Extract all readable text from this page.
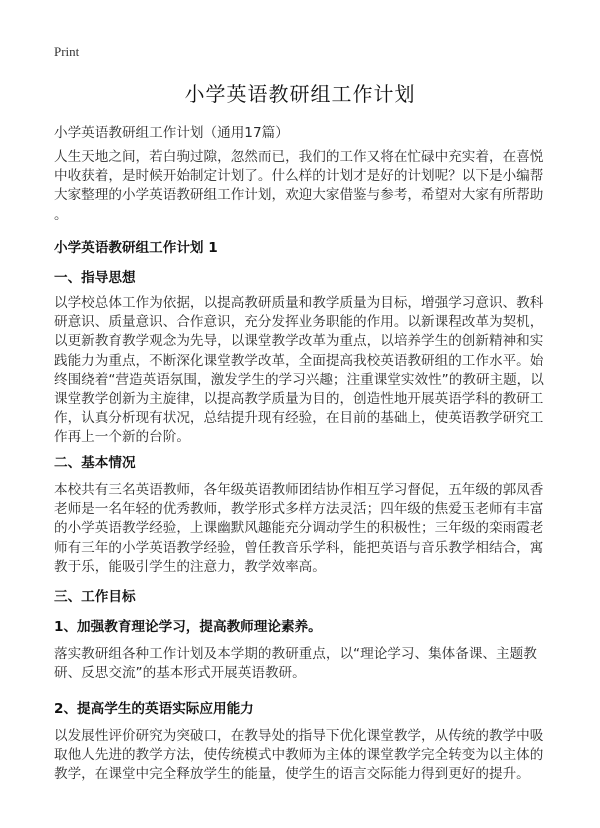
Print
小学英语教研组工作计划
小学英语教研组工作计划（通用17篇）
人生天地之间，若白驹过隙，忽然而已，我们的工作又将在忙碌中充实着，在喜悦
中收获着，是时候开始制定计划了。什么样的计划才是好的计划呢？以下是小编帮
大家整理的小学英语教研组工作计划，欢迎大家借鉴与参考，希望对大家有所帮助
。
小学英语教研组工作计划 1
一、指导思想
以学校总体工作为依据，以提高教研质量和教学质量为目标，增强学习意识、教科
研意识、质量意识、合作意识，充分发挥业务职能的作用。以新课程改革为契机，
以更新教育教学观念为先导，以课堂教学改革为重点，以培养学生的创新精神和实
践能力为重点，不断深化课堂教学改革，全面提高我校英语教研组的工作水平。始
终围绕着“营造英语氛围，激发学生的学习兴趣；注重课堂实效性”的教研主题，以
课堂教学创新为主旋律，以提高教学质量为目的，创造性地开展英语学科的教研工
作，认真分析现有状况，总结提升现有经验，在目前的基础上，使英语教学研究工
作再上一个新的台阶。
二、基本情况
本校共有三名英语教师，各年级英语教师团结协作相互学习督促，五年级的郭凤香
老师是一名年轻的优秀教师，教学形式多样方法灵活；四年级的焦爱玉老师有丰富
的小学英语教学经验，上课幽默风趣能充分调动学生的积极性；三年级的栾雨霞老
师有三年的小学英语教学经验，曾任教音乐学科，能把英语与音乐教学相结合，寓
教于乐，能吸引学生的注意力，教学效率高。
三、工作目标
1、加强教育理论学习，提高教师理论素养。
落实教研组各种工作计划及本学期的教研重点，以“理论学习、集体备课、主题教
研、反思交流”的基本形式开展英语教研。
2、提高学生的英语实际应用能力
以发展性评价研究为突破口，在教导处的指导下优化课堂教学，从传统的教学中吸
取他人先进的教学方法，使传统模式中教师为主体的课堂教学完全转变为以主体的
教学，在课堂中完全释放学生的能量，使学生的语言交际能力得到更好的提升。
